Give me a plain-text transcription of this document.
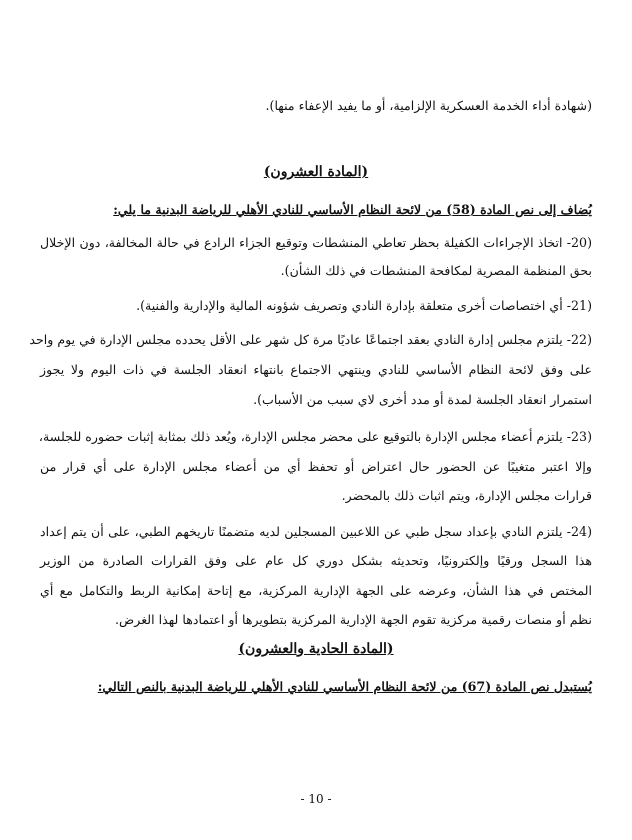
(شهادة أداء الخدمة العسكرية الإلزامية، أو ما يفيد الإعفاء منها).
(المادة العشرون)
يُضاف إلى نص المادة (58) من لائحة النظام الأساسي للنادي الأهلي للرياضة البدنية ما يلي:
(20- اتخاذ الإجراءات الكفيلة بحظر تعاطي المنشطات وتوقيع الجزاء الرادع في حالة المخالفة، دون الإخلال
بحق المنظمة المصرية لمكافحة المنشطات في ذلك الشأن).
(21- أي اختصاصات أخرى متعلقة بإدارة النادي وتصريف شؤونه المالية والإدارية والفنية).
(22- يلتزم مجلس إدارة النادي بعقد اجتماعًا عاديًا مرة كل شهر على الأقل يحدده مجلس الإدارة في يوم واحد
على وفق لائحة النظام الأساسي للنادي وينتهي الاجتماع بانتهاء انعقاد الجلسة في ذات اليوم ولا يجوز
استمرار انعقاد الجلسة لمدة أو مدد أخرى لاي سبب من الأسباب).
(23- يلتزم أعضاء مجلس الإدارة بالتوقيع على محضر مجلس الإدارة، ويُعد ذلك بمثابة إثبات حضوره للجلسة،
وإلا اعتبر متغيبًا عن الحضور حال اعتراض أو تحفظ أي من أعضاء مجلس الإدارة على أي قرار من
قرارات مجلس الإدارة، ويتم اثبات ذلك بالمحضر.
(24- يلتزم النادي بإعداد سجل طبي عن اللاعبين المسجلين لديه متضمنًا تاريخهم الطبي، على أن يتم إعداد
هذا السجل ورقيًا وإلكترونيًا، وتحديثه بشكل دوري كل عام على وفق القرارات الصادرة من الوزير
المختص في هذا الشأن، وعرضه على الجهة الإدارية المركزية، مع إتاحة إمكانية الربط والتكامل مع أي
نظم أو منصات رقمية مركزية تقوم الجهة الإدارية المركزية بتطويرها أو اعتمادها لهذا الغرض.
(المادة الحادية والعشرون)
يُستبدل نص المادة (67) من لائحة النظام الأساسي للنادي الأهلي للرياضة البدنية بالنص التالي:
- 10 -
